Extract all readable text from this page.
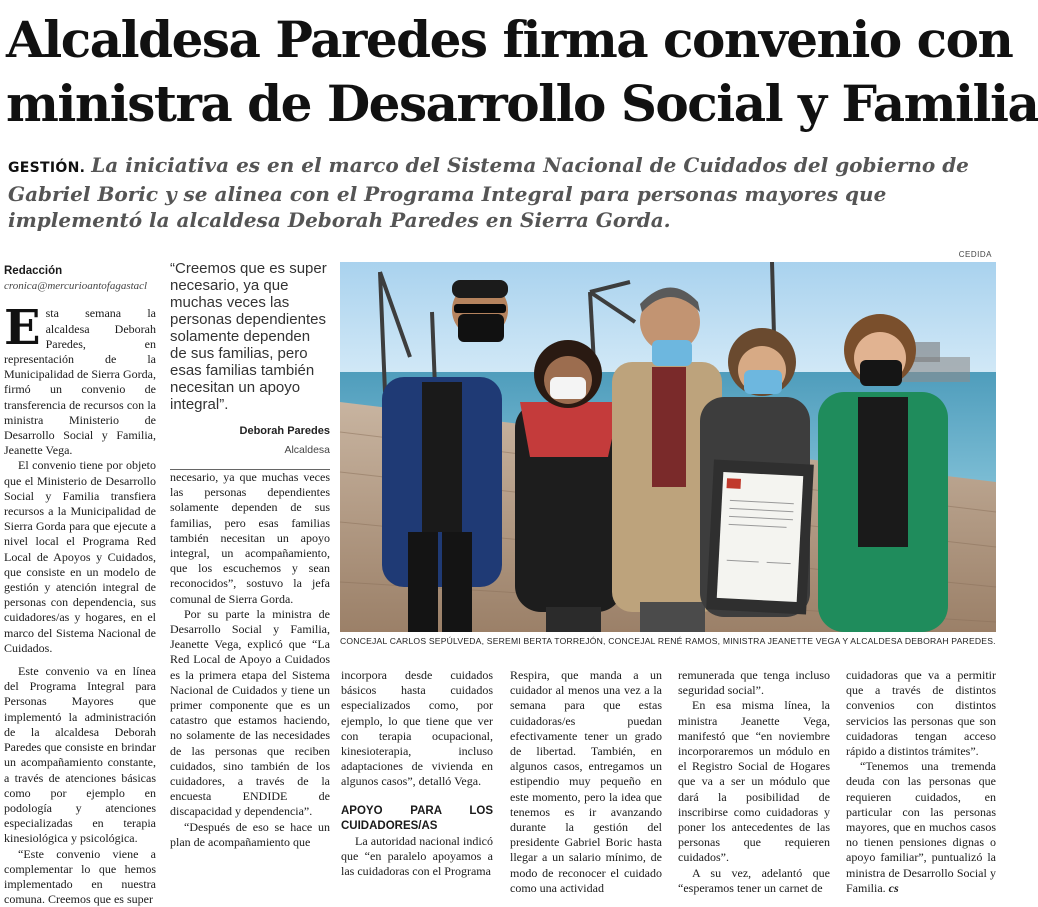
Alcaldesa Paredes firma convenio con
ministra de Desarrollo Social y Familia
GESTIÓN. La iniciativa es en el marco del Sistema Nacional de Cuidados del gobierno de Gabriel Boric y se alinea con el Programa Integral para personas mayores que implementó la alcaldesa Deborah Paredes en Sierra Gorda.
Redacción
cronica@mercurioantofagastacl

Esta semana la alcaldesa Deborah Paredes, en representación de la Municipalidad de Sierra Gorda, firmó un convenio de transferencia de recursos con la ministra Ministerio de Desarrollo Social y Familia, Jeanette Vega.

El convenio tiene por objeto que el Ministerio de Desarrollo Social y Familia transfiera recursos a la Municipalidad de Sierra Gorda para que ejecute a nivel local el Programa Red Local de Apoyos y Cuidados, que consiste en un modelo de gestión y atención integral de personas con dependencia, sus cuidadores/as y hogares, en el marco del Sistema Nacional de Cuidados.

Este convenio va en línea del Programa Integral para Personas Mayores que implementó la administración de la alcaldesa Deborah Paredes que consiste en brindar un acompañamiento constante, a través de atenciones básicas como por ejemplo en podología y atenciones especializadas en terapia kinesiológica y psicológica.

“Este convenio viene a complementar lo que hemos implementado en nuestra comuna. Creemos que es super

“Creemos que es super necesario, ya que muchas veces las personas dependientes solamente dependen de sus familias, pero esas familias también necesitan un apoyo integral”.
Deborah Paredes
Alcaldesa

necesario, ya que muchas veces las personas dependientes solamente dependen de sus familias, pero esas familias también necesitan un apoyo integral, un acompañamiento, que los escuchemos y sean reconocidos”, sostuvo la jefa comunal de Sierra Gorda.

Por su parte la ministra de Desarrollo Social y Familia, Jeanette Vega, explicó que “La Red Local de Apoyo a Cuidados es la primera etapa del Sistema Nacional de Cuidados y tiene un primer componente que es un catastro que estamos haciendo, no solamente de las necesidades de las personas que reciben cuidados, sino también de los cuidadores, a través de la encuesta ENDIDE de discapacidad y dependencia”.

“Después de eso se hace un plan de acompañamiento que

CEDIDA
CONCEJAL CARLOS SEPÚLVEDA, SEREMI BERTA TORREJÓN, CONCEJAL RENÉ RAMOS, MINISTRA JEANETTE VEGA Y ALCALDESA DEBORAH PAREDES.

incorpora desde cuidados básicos hasta cuidados especializados como, por ejemplo, lo que tiene que ver con terapia ocupacional, kinesioterapia, incluso adaptaciones de vivienda en algunos casos”, detalló Vega.

APOYO PARA LOS CUIDADORES/AS

La autoridad nacional indicó que “en paralelo apoyamos a las cuidadoras con el Programa

Respira, que manda a un cuidador al menos una vez a la semana para que estas cuidadoras/es puedan efectivamente tener un grado de libertad. También, en algunos casos, entregamos un estipendio muy pequeño en este momento, pero la idea que tenemos es ir avanzando durante la gestión del presidente Gabriel Boric hasta llegar a un salario mínimo, de modo de reconocer el cuidado como una actividad

remunerada que tenga incluso seguridad social”.

En esa misma línea, la ministra Jeanette Vega, manifestó que “en noviembre incorporaremos un módulo en el Registro Social de Hogares que va a ser un módulo que dará la posibilidad de inscribirse como cuidadoras y poner los antecedentes de las personas que requieren cuidados”.

A su vez, adelantó que “esperamos tener un carnet de

cuidadoras que va a permitir que a través de distintos convenios con distintos servicios las personas que son cuidadoras tengan acceso rápido a distintos trámites”.

“Tenemos una tremenda deuda con las personas que requieren cuidados, en particular con las personas mayores, que en muchos casos no tienen pensiones dignas o apoyo familiar”, puntualizó la ministra de Desarrollo Social y Familia. cs
